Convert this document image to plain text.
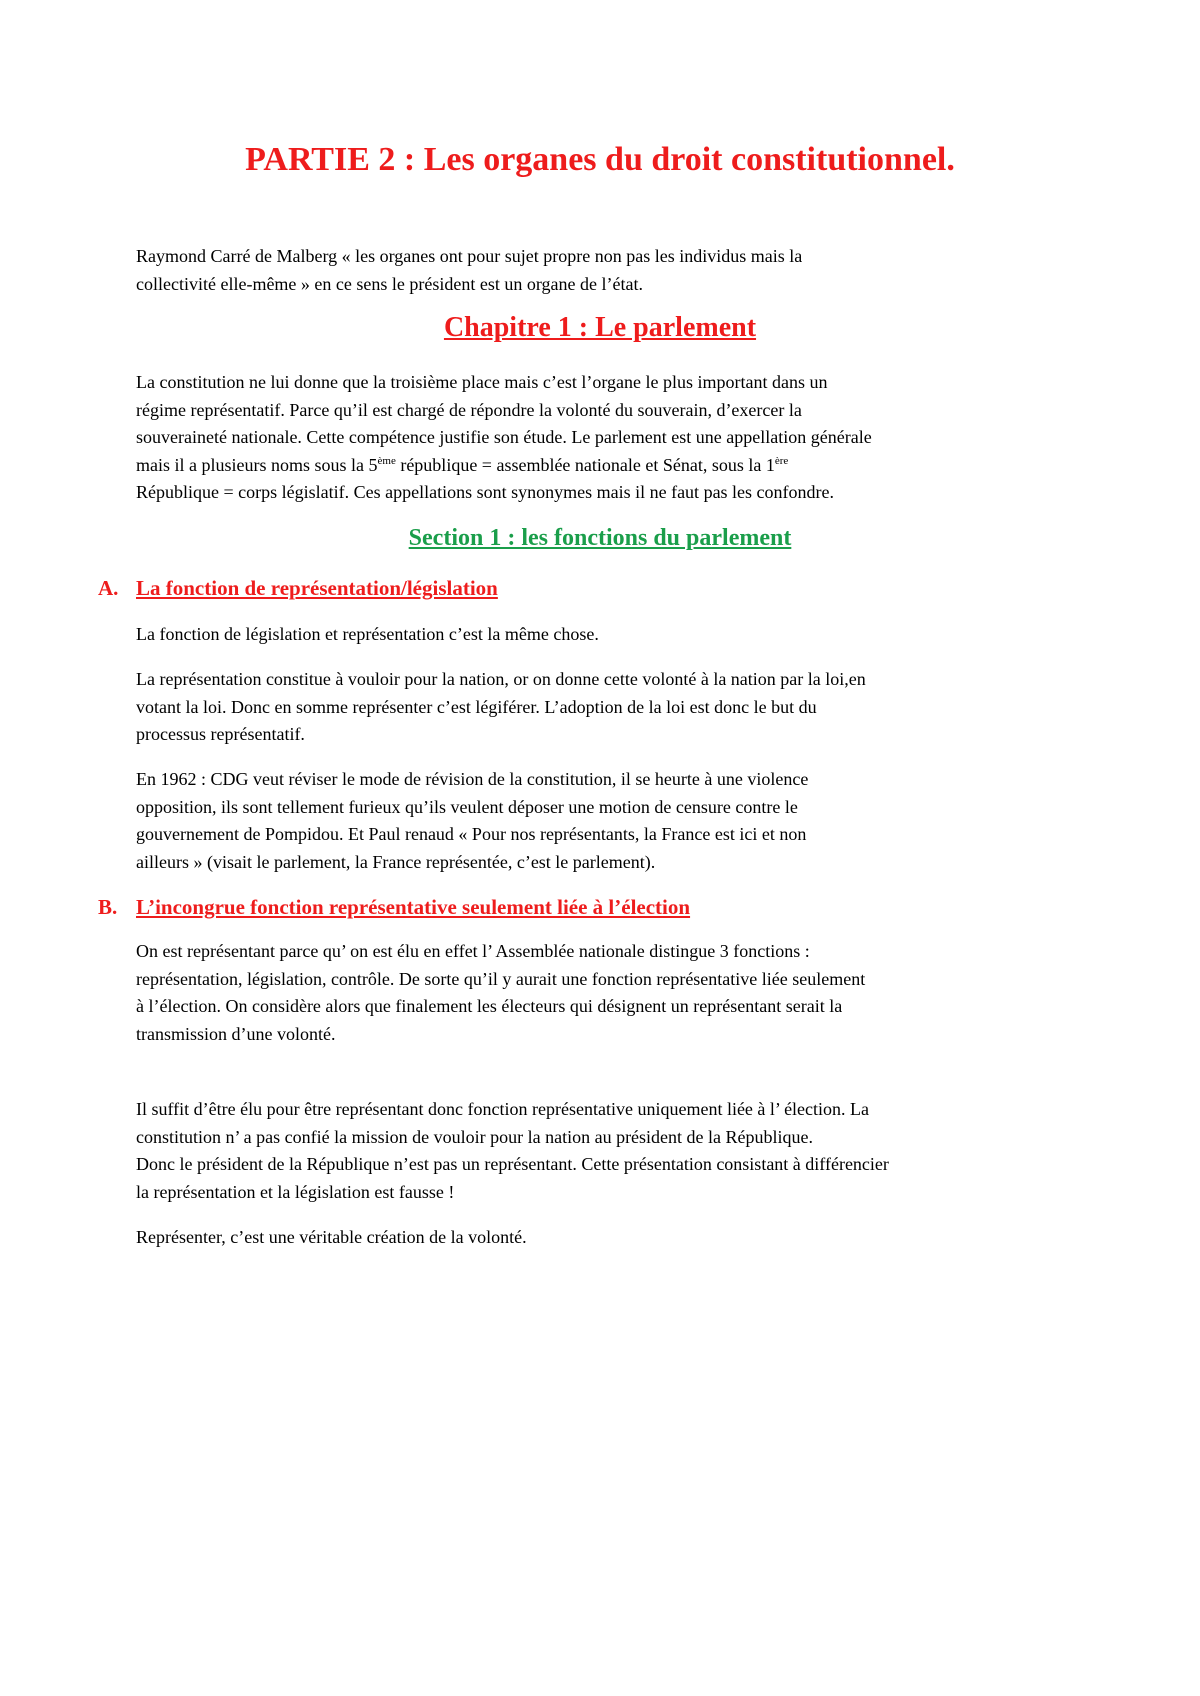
PARTIE 2 : Les organes du droit constitutionnel.
Raymond Carré de Malberg « les organes ont pour sujet propre non pas les individus mais la
collectivité elle-même » en ce sens le président est un organe de l’état.
Chapitre 1 : Le parlement
La constitution ne lui donne que la troisième place mais c’est l’organe le plus important dans un
régime représentatif. Parce qu’il est chargé de répondre la volonté du souverain, d’exercer la
souveraineté nationale. Cette compétence justifie son étude. Le parlement est une appellation générale
mais il a plusieurs noms sous la 5ème république = assemblée nationale et Sénat, sous la 1ère
République = corps législatif. Ces appellations sont synonymes mais il ne faut pas les confondre.
Section 1 : les fonctions du parlement
A. La fonction de représentation/législation
La fonction de législation et représentation c’est la même chose.
La représentation constitue à vouloir pour la nation, or on donne cette volonté à la nation par la loi,en
votant la loi. Donc en somme représenter c’est légiférer. L’adoption de la loi est donc le but du
processus représentatif.
En 1962 : CDG veut réviser le mode de révision de la constitution, il se heurte à une violence
opposition, ils sont tellement furieux qu’ils veulent déposer une motion de censure contre le
gouvernement de Pompidou. Et Paul renaud « Pour nos représentants, la France est ici et non
ailleurs » (visait le parlement, la France représentée, c’est le parlement).
B. L’incongrue fonction représentative seulement liée à l’élection
On est représentant parce qu’ on est élu en effet l’ Assemblée nationale distingue 3 fonctions :
représentation, législation, contrôle. De sorte qu’il y aurait une fonction représentative liée seulement
à l’élection. On considère alors que finalement les électeurs qui désignent un représentant serait la
transmission d’une volonté.
Il suffit d’être élu pour être représentant donc fonction représentative uniquement liée à l’ élection. La
constitution n’ a pas confié la mission de vouloir pour la nation au président de la République.
Donc le président de la République n’est pas un représentant. Cette présentation consistant à différencier
la représentation et la législation est fausse !
Représenter, c’est une véritable création de la volonté.
